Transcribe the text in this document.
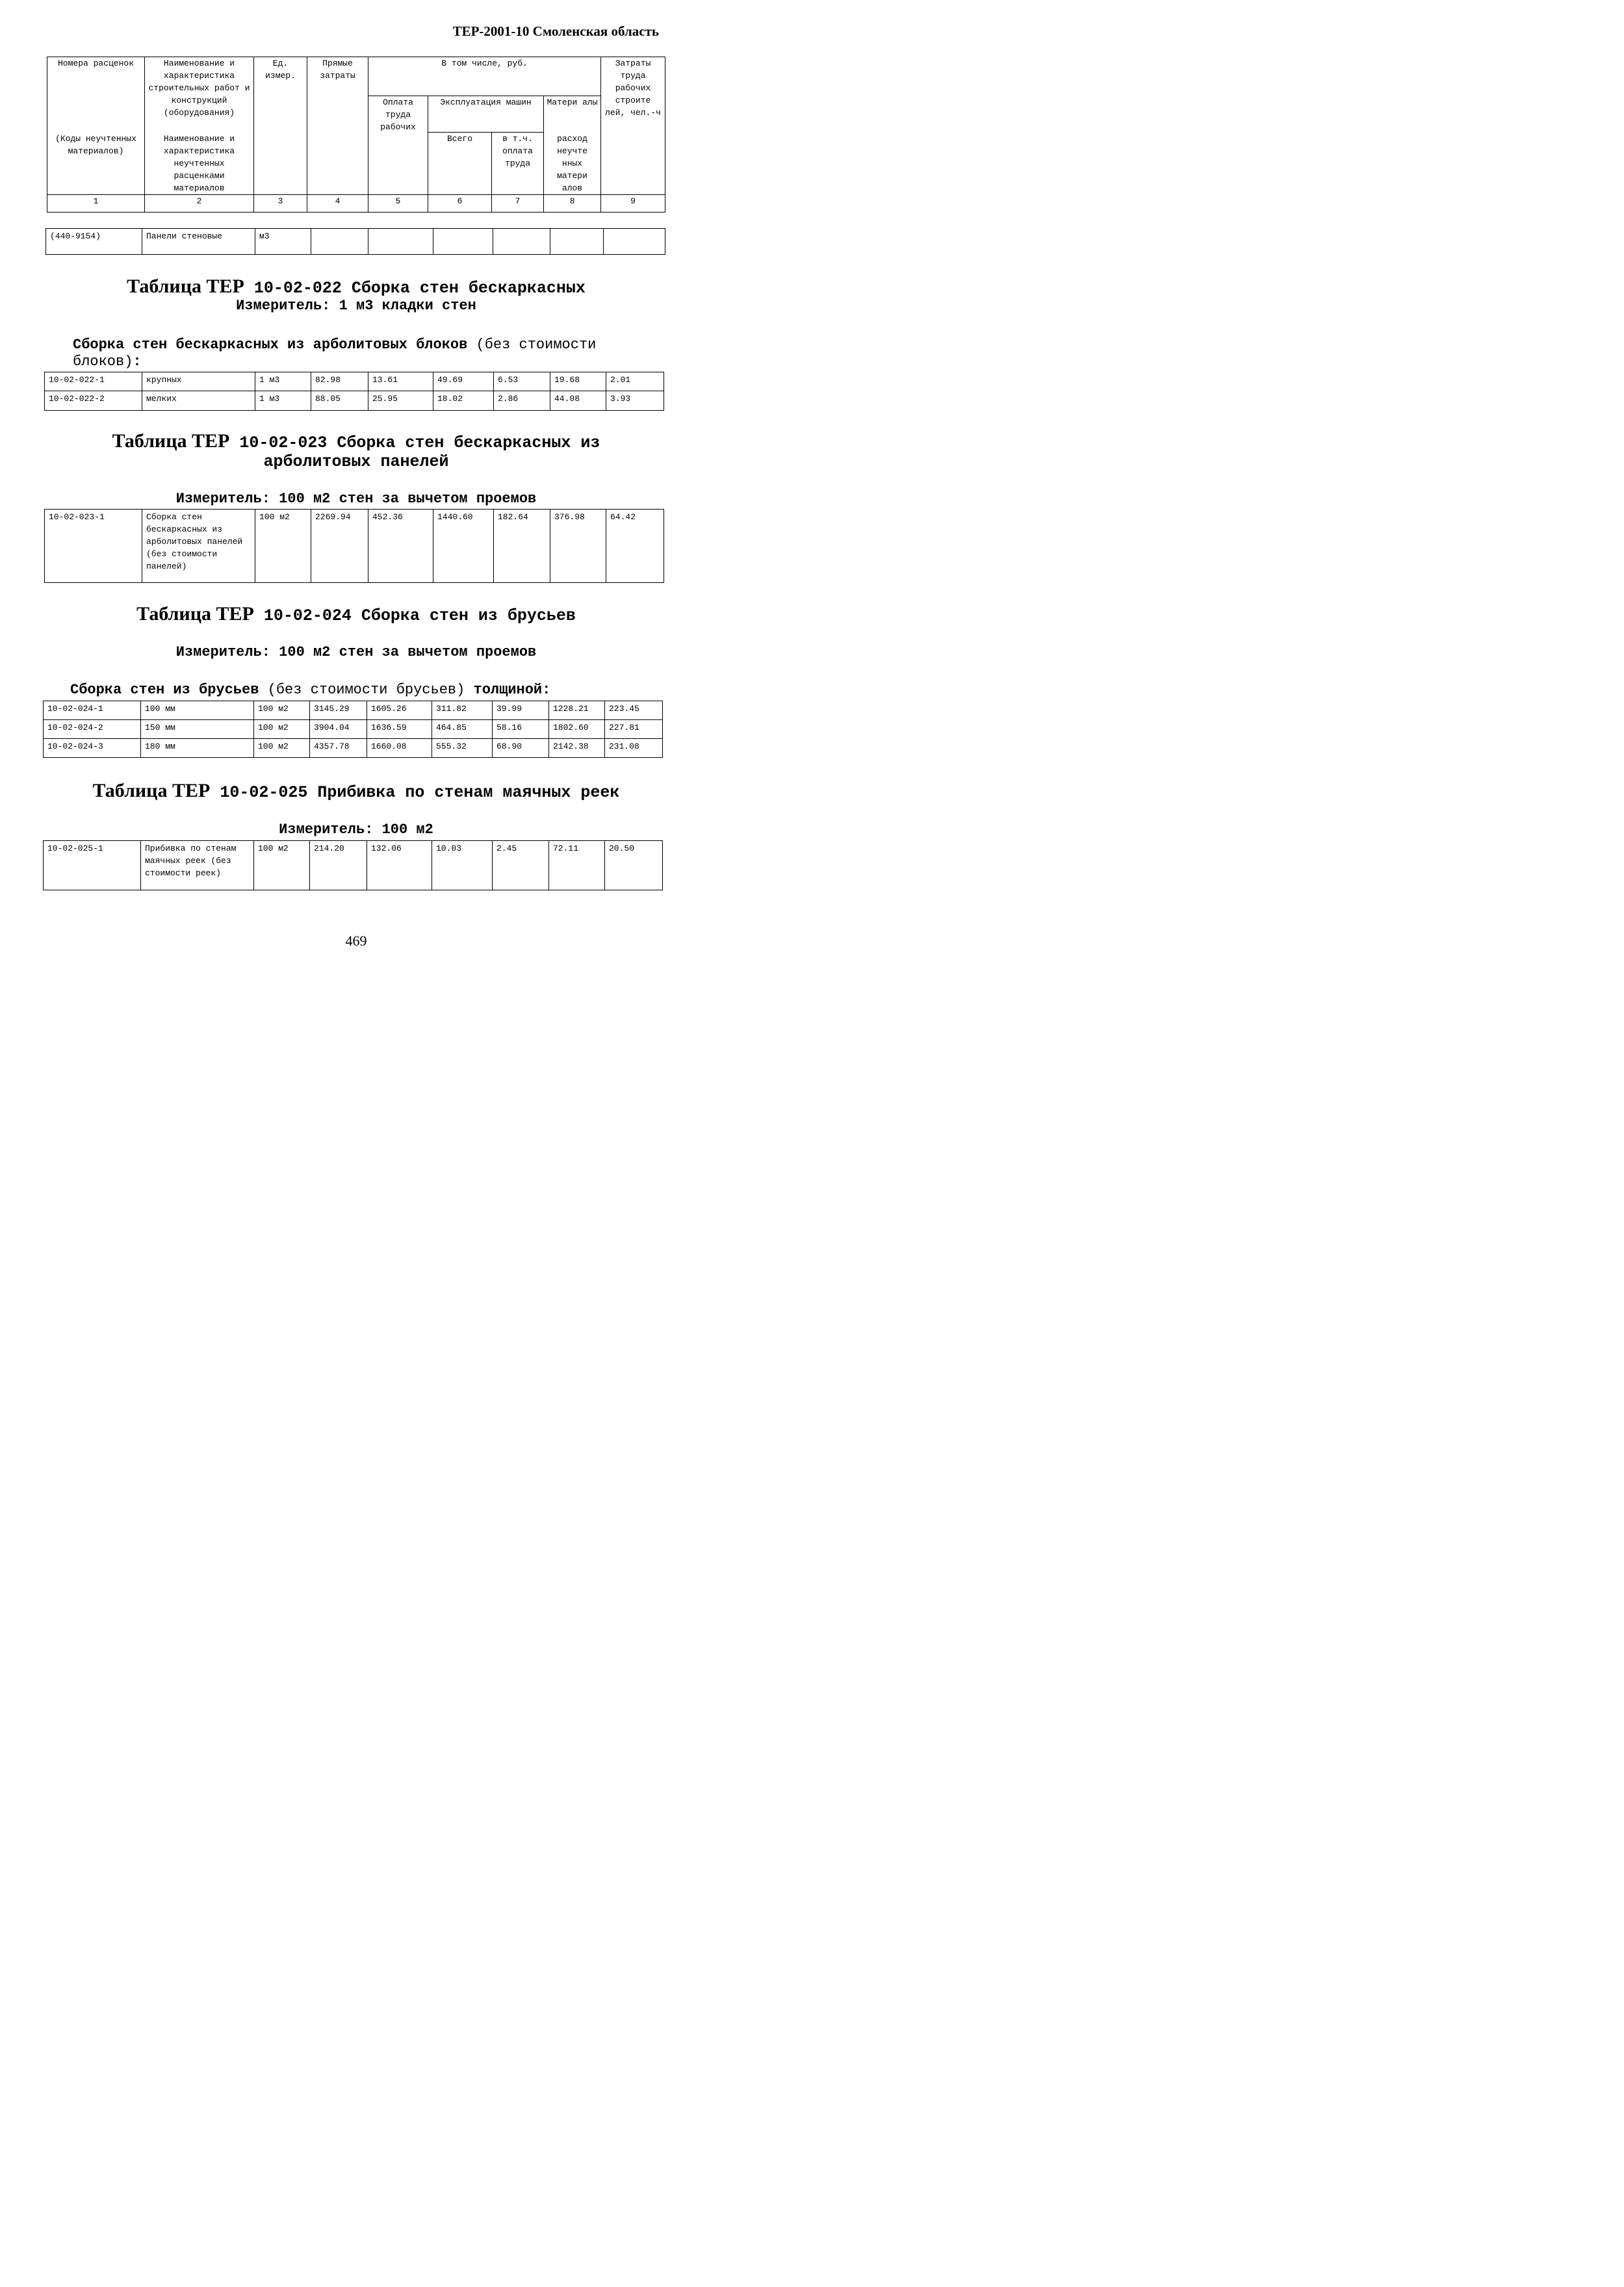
ТЕР-2001-10 Смоленская область
Номера расценок	Наименование и характеристика строительных работ и конструкций (оборудования)	Ед. измер.	Прямые затраты	В том числе, руб.				Затраты труда рабочих строите лей, чел.-ч
				Оплата труда рабочих	Эксплуатация машин		Матери алы	
(Коды неучтенных материалов)	Наименование и характеристика неучтенных расценками материалов				Всего	в т.ч. оплата труда	расход неучте нных матери алов	
1	2	3	4	5	6	7	8	9
(440-9154)	Панели стеновые	м3						
Таблица ТЕР 10-02-022 Сборка стен бескаркасных
Измеритель: 1 м3 кладки стен
Сборка стен бескаркасных из арболитовых блоков (без стоимости блоков):
10-02-022-1	крупных	1 м3	82.98	13.61	49.69	6.53	19.68	2.01
10-02-022-2	мелких	1 м3	88.05	25.95	18.02	2.86	44.08	3.93
Таблица ТЕР 10-02-023 Сборка стен бескаркасных из
арболитовых панелей
Измеритель: 100 м2 стен за вычетом проемов
10-02-023-1	Сборка стен бескаркасных из арболитовых панелей (без стоимости панелей)	100 м2	2269.94	452.36	1440.60	182.64	376.98	64.42
Таблица ТЕР 10-02-024 Сборка стен из брусьев
Измеритель: 100 м2 стен за вычетом проемов
Сборка стен из брусьев (без стоимости брусьев) толщиной:
10-02-024-1	100 мм	100 м2	3145.29	1605.26	311.82	39.99	1228.21	223.45
10-02-024-2	150 мм	100 м2	3904.04	1636.59	464.85	58.16	1802.60	227.81
10-02-024-3	180 мм	100 м2	4357.78	1660.08	555.32	68.90	2142.38	231.08
Таблица ТЕР 10-02-025 Прибивка по стенам маячных реек
Измеритель: 100 м2
10-02-025-1	Прибивка по стенам маячных реек (без стоимости реек)	100 м2	214.20	132.06	10.03	2.45	72.11	20.50
469
